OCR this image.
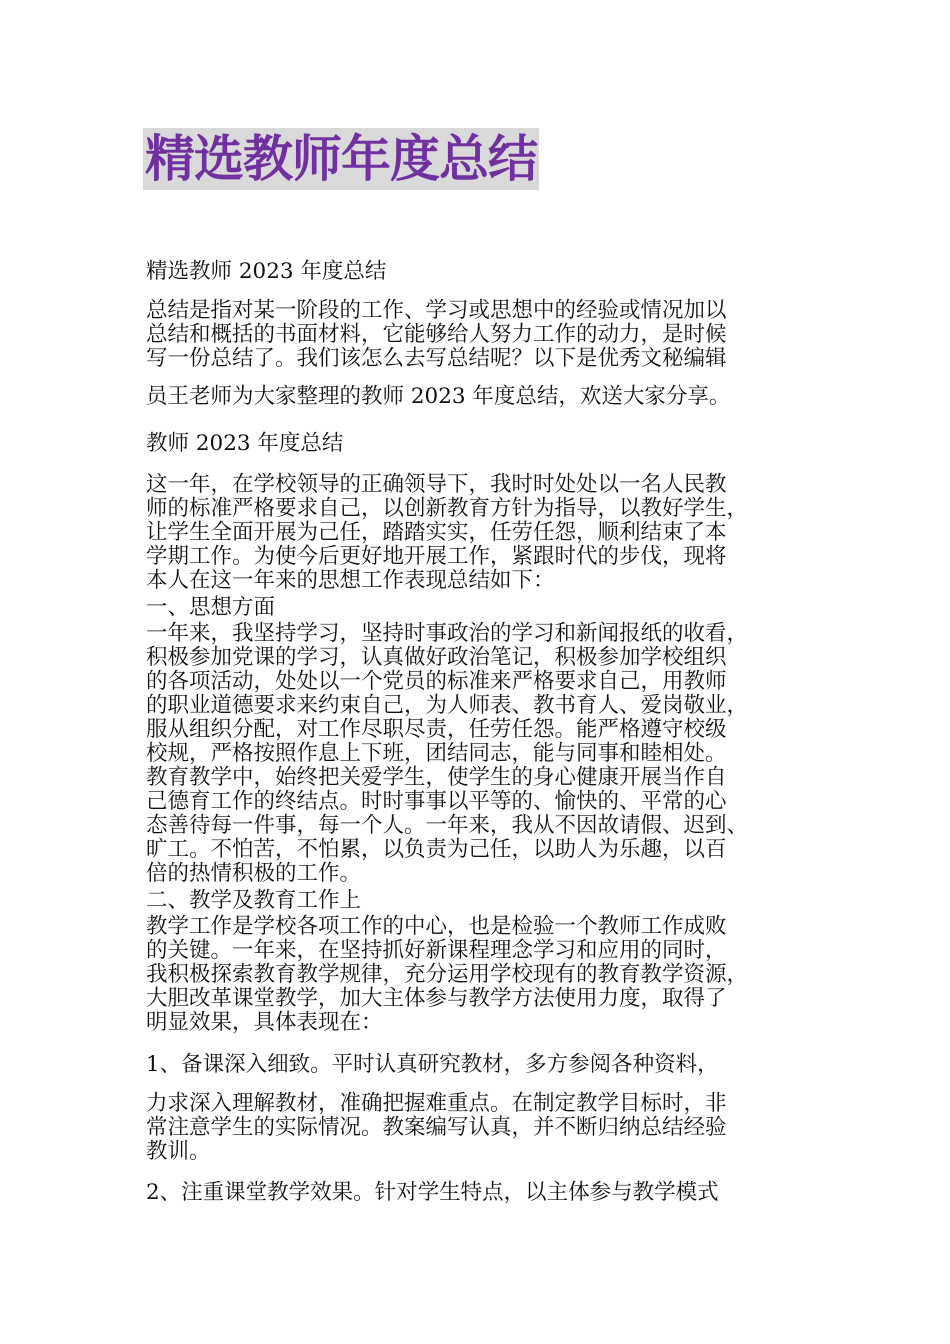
精选教师年度总结
精选教师 2023 年度总结
总结是指对某一阶段的工作、学习或思想中的经验或情况加以
总结和概括的书面材料，它能够给人努力工作的动力，是时候
写一份总结了。我们该怎么去写总结呢？以下是优秀文秘编辑
员王老师为大家整理的教师 2023 年度总结，欢送大家分享。
教师 2023 年度总结
这一年，在学校领导的正确领导下，我时时处处以一名人民教
师的标准严格要求自己，以创新教育方针为指导，以教好学生，
让学生全面开展为己任，踏踏实实，任劳任怨，顺利结束了本
学期工作。为使今后更好地开展工作，紧跟时代的步伐，现将
本人在这一年来的思想工作表现总结如下：
一、思想方面
一年来，我坚持学习，坚持时事政治的学习和新闻报纸的收看，
积极参加党课的学习，认真做好政治笔记，积极参加学校组织
的各项活动，处处以一个党员的标准来严格要求自己，用教师
的职业道德要求来约束自己，为人师表、教书育人、爱岗敬业，
服从组织分配，对工作尽职尽责，任劳任怨。能严格遵守校级
校规，严格按照作息上下班，团结同志，能与同事和睦相处。
教育教学中，始终把关爱学生，使学生的身心健康开展当作自
己德育工作的终结点。时时事事以平等的、愉快的、平常的心
态善待每一件事，每一个人。一年来，我从不因故请假、迟到、
旷工。不怕苦，不怕累，以负责为己任，以助人为乐趣，以百
倍的热情积极的工作。
二、教学及教育工作上
教学工作是学校各项工作的中心，也是检验一个教师工作成败
的关键。一年来，在坚持抓好新课程理念学习和应用的同时，
我积极探索教育教学规律，充分运用学校现有的教育教学资源，
大胆改革课堂教学，加大主体参与教学方法使用力度，取得了
明显效果，具体表现在：
1、备课深入细致。平时认真研究教材，多方参阅各种资料，
力求深入理解教材，准确把握难重点。在制定教学目标时，非
常注意学生的实际情况。教案编写认真，并不断归纳总结经验
教训。
2、注重课堂教学效果。针对学生特点，以主体参与教学模式
